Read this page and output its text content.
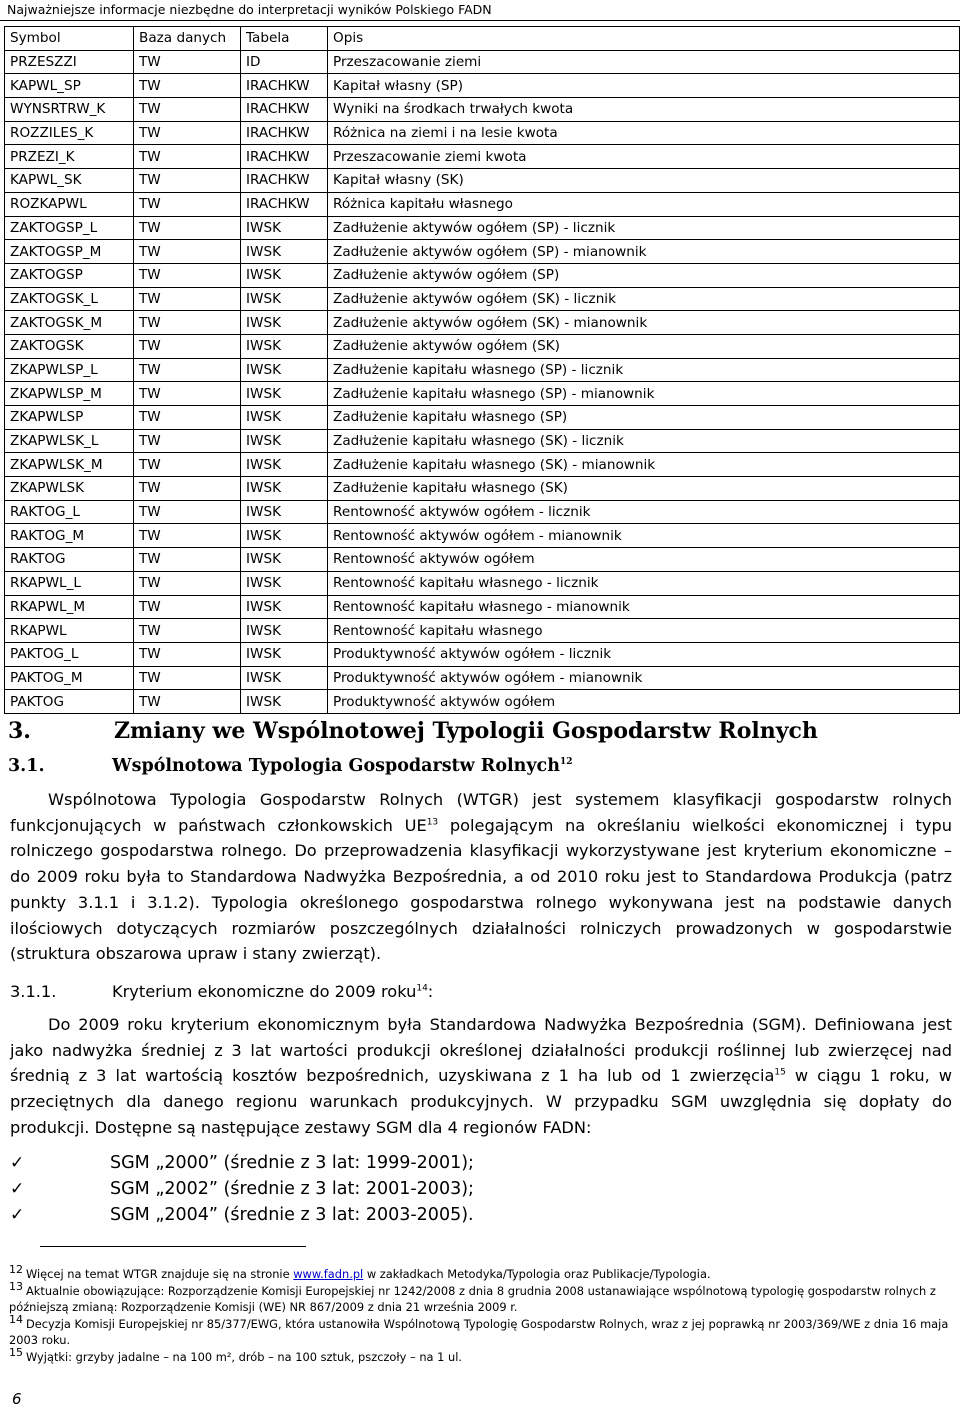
Najważniejsze informacje niezbędne do interpretacji wyników Polskiego FADN
Symbol	Baza danych	Tabela	Opis
PRZESZZI	TW	ID	Przeszacowanie ziemi
KAPWL_SP	TW	IRACHKW	Kapitał własny (SP)
WYNSRTRW_K	TW	IRACHKW	Wyniki na środkach trwałych kwota
ROZZILES_K	TW	IRACHKW	Różnica na ziemi i na lesie kwota
PRZEZI_K	TW	IRACHKW	Przeszacowanie ziemi kwota
KAPWL_SK	TW	IRACHKW	Kapitał własny (SK)
ROZKAPWL	TW	IRACHKW	Różnica kapitału własnego
ZAKTOGSP_L	TW	IWSK	Zadłużenie aktywów ogółem (SP) - licznik
ZAKTOGSP_M	TW	IWSK	Zadłużenie aktywów ogółem (SP) - mianownik
ZAKTOGSP	TW	IWSK	Zadłużenie aktywów ogółem (SP)
ZAKTOGSK_L	TW	IWSK	Zadłużenie aktywów ogółem (SK) - licznik
ZAKTOGSK_M	TW	IWSK	Zadłużenie aktywów ogółem (SK) - mianownik
ZAKTOGSK	TW	IWSK	Zadłużenie aktywów ogółem (SK)
ZKAPWLSP_L	TW	IWSK	Zadłużenie kapitału własnego (SP) - licznik
ZKAPWLSP_M	TW	IWSK	Zadłużenie kapitału własnego (SP) - mianownik
ZKAPWLSP	TW	IWSK	Zadłużenie kapitału własnego (SP)
ZKAPWLSK_L	TW	IWSK	Zadłużenie kapitału własnego (SK) - licznik
ZKAPWLSK_M	TW	IWSK	Zadłużenie kapitału własnego (SK) - mianownik
ZKAPWLSK	TW	IWSK	Zadłużenie kapitału własnego (SK)
RAKTOG_L	TW	IWSK	Rentowność aktywów ogółem - licznik
RAKTOG_M	TW	IWSK	Rentowność aktywów ogółem - mianownik
RAKTOG	TW	IWSK	Rentowność aktywów ogółem
RKAPWL_L	TW	IWSK	Rentowność kapitału własnego - licznik
RKAPWL_M	TW	IWSK	Rentowność kapitału własnego - mianownik
RKAPWL	TW	IWSK	Rentowność kapitału własnego
PAKTOG_L	TW	IWSK	Produktywność aktywów ogółem - licznik
PAKTOG_M	TW	IWSK	Produktywność aktywów ogółem - mianownik
PAKTOG	TW	IWSK	Produktywność aktywów ogółem
3.	Zmiany we Wspólnotowej Typologii Gospodarstw Rolnych
3.1.	Wspólnotowa Typologia Gospodarstw Rolnych$^{12}$

Wspólnotowa Typologia Gospodarstw Rolnych (WTGR) jest systemem klasyfikacji gospodarstw rolnych funkcjonujących w państwach członkowskich UE$^{13}$ polegającym na określaniu wielkości ekonomicznej i typu rolniczego gospodarstwa rolnego. Do przeprowadzenia klasyfikacji wykorzystywane jest kryterium ekonomiczne – do 2009 roku była to Standardowa Nadwyżka Bezpośrednia, a od 2010 roku jest to Standardowa Produkcja (patrz punkty 3.1.1 i 3.1.2). Typologia określonego gospodarstwa rolnego wykonywana jest na podstawie danych ilościowych dotyczących rozmiarów poszczególnych działalności rolniczych prowadzonych w gospodarstwie (struktura obszarowa upraw i stany zwierząt).

3.1.1.	Kryterium ekonomiczne do 2009 roku$^{14}$:

Do 2009 roku kryterium ekonomicznym była Standardowa Nadwyżka Bezpośrednia (SGM). Definiowana jest jako nadwyżka średniej z 3 lat wartości produkcji określonej działalności produkcji roślinnej lub zwierzęcej nad średnią z 3 lat wartością kosztów bezpośrednich, uzyskiwana z 1 ha lub od 1 zwierzęcia$^{15}$ w ciągu 1 roku, w przeciętnych dla danego regionu warunkach produkcyjnych. W przypadku SGM uwzględnia się dopłaty do produkcji. Dostępne są następujące zestawy SGM dla 4 regionów FADN:

✓	SGM „2000” (średnie z 3 lat: 1999-2001);
✓	SGM „2002” (średnie z 3 lat: 2001-2003);
✓	SGM „2004” (średnie z 3 lat: 2003-2005).

12 Więcej na temat WTGR znajduje się na stronie www.fadn.pl w zakładkach Metodyka/Typologia oraz Publikacje/Typologia.

13 Aktualnie obowiązujące: Rozporządzenie Komisji Europejskiej nr 1242/2008 z dnia 8 grudnia 2008 ustanawiające wspólnotową typologię gospodarstw rolnych z późniejszą zmianą: Rozporządzenie Komisji (WE) NR 867/2009 z dnia 21 września 2009 r.

14 Decyzja Komisji Europejskiej nr 85/377/EWG, która ustanowiła Wspólnotową Typologię Gospodarstw Rolnych, wraz z jej poprawką nr 2003/369/WE z dnia 16 maja 2003 roku.

15 Wyjątki: grzyby jadalne – na 100 m², drób – na 100 sztuk, pszczoły – na 1 ul.

6
